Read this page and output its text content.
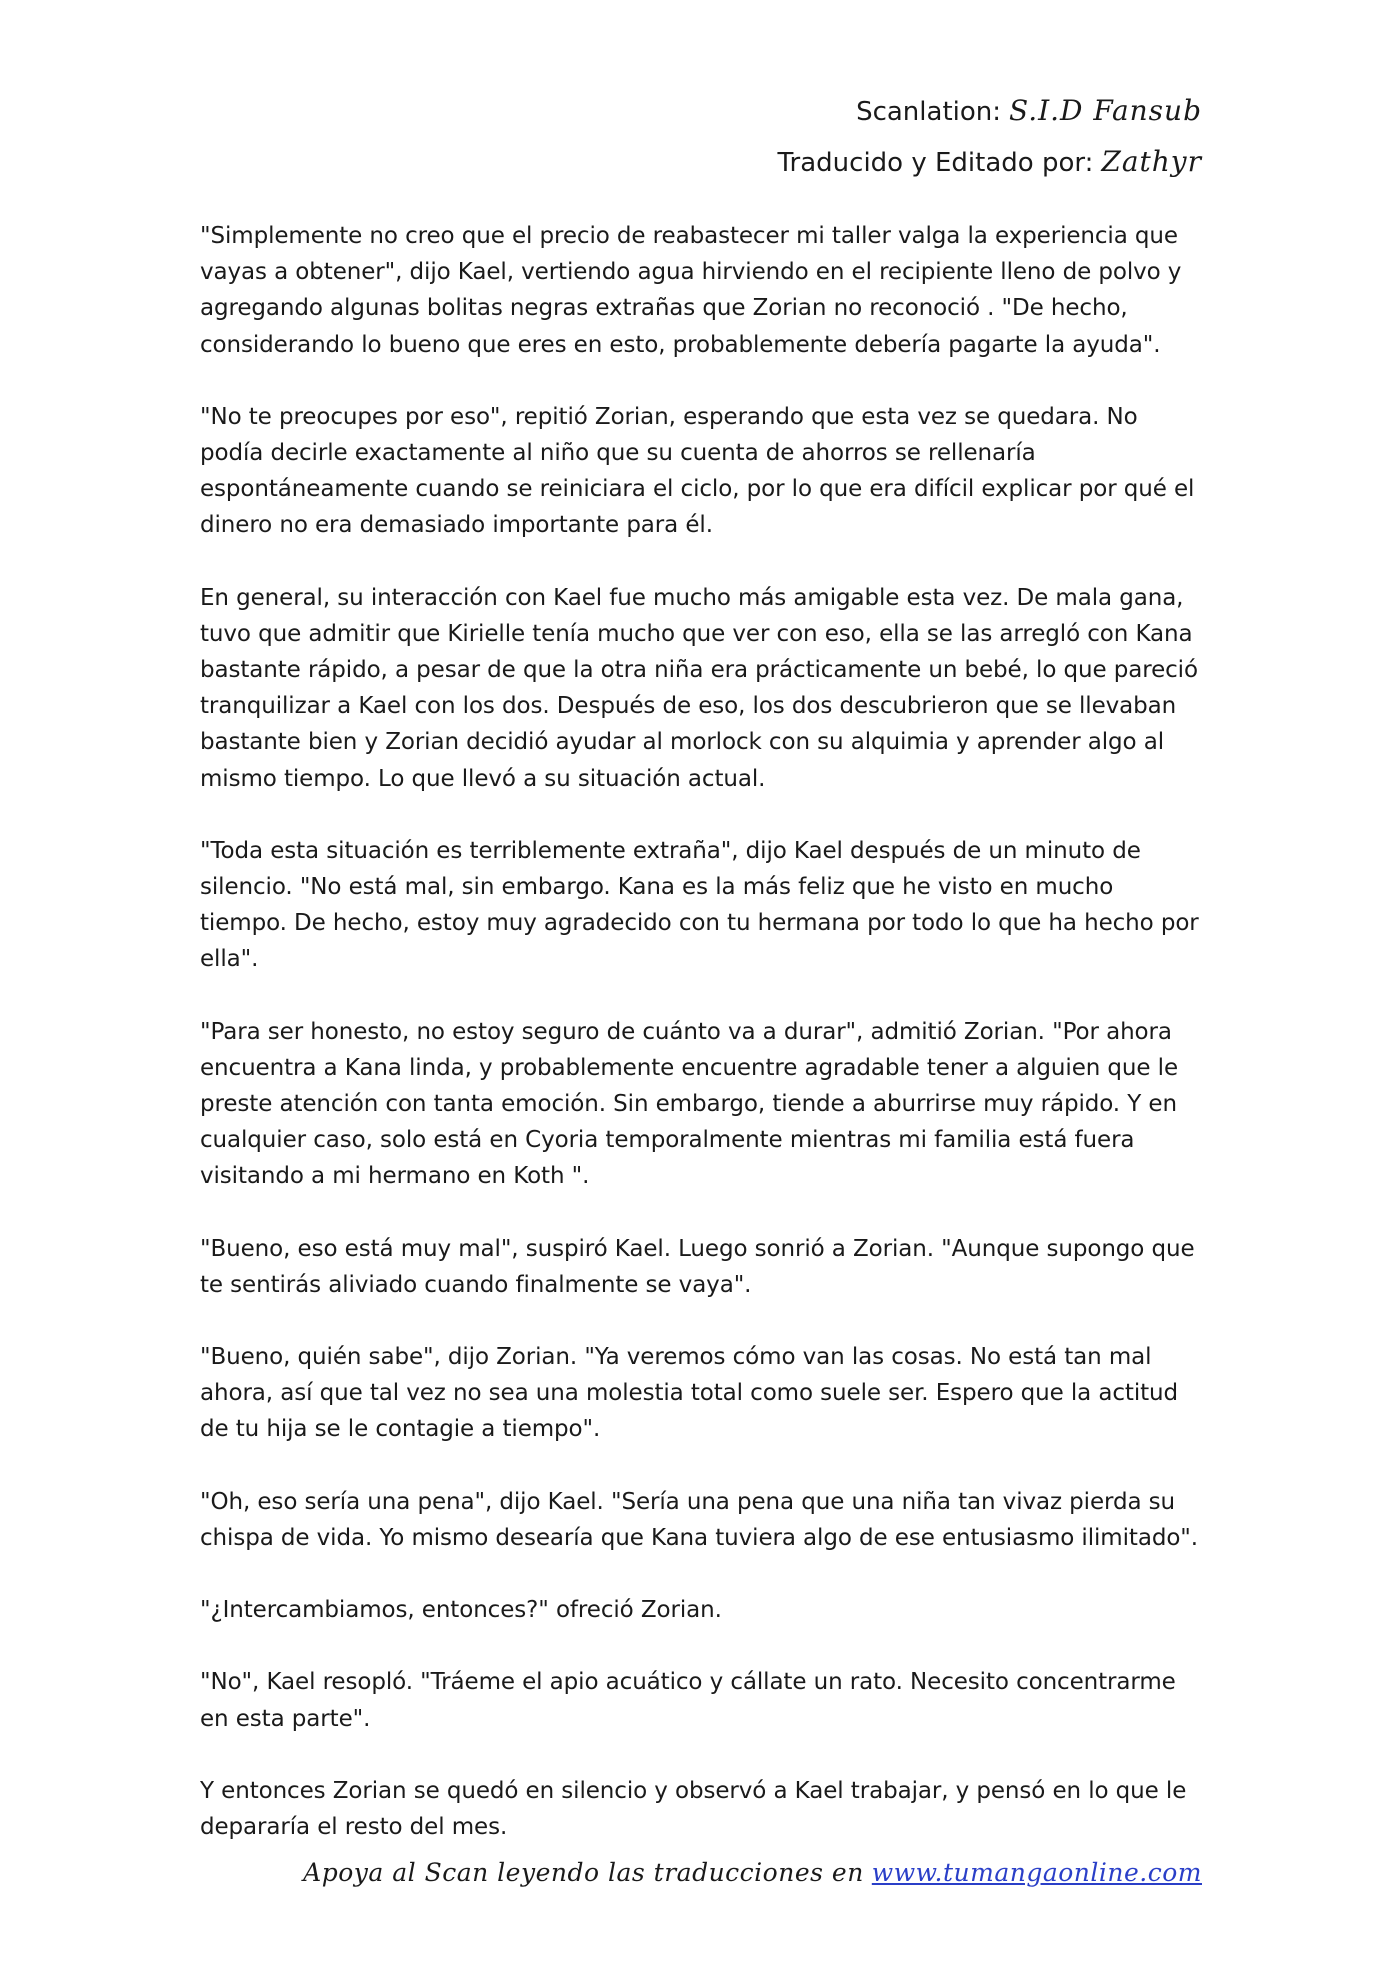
Scanlation: S.I.D Fansub
Traducido y Editado por: Zathyr

"Simplemente no creo que el precio de reabastecer mi taller valga la experiencia que vayas a obtener", dijo Kael, vertiendo agua hirviendo en el recipiente lleno de polvo y agregando algunas bolitas negras extrañas que Zorian no reconoció . "De hecho, considerando lo bueno que eres en esto, probablemente debería pagarte la ayuda".

"No te preocupes por eso", repitió Zorian, esperando que esta vez se quedara. No podía decirle exactamente al niño que su cuenta de ahorros se rellenaría espontáneamente cuando se reiniciara el ciclo, por lo que era difícil explicar por qué el dinero no era demasiado importante para él.

En general, su interacción con Kael fue mucho más amigable esta vez. De mala gana, tuvo que admitir que Kirielle tenía mucho que ver con eso, ella se las arregló con Kana bastante rápido, a pesar de que la otra niña era prácticamente un bebé, lo que pareció tranquilizar a Kael con los dos. Después de eso, los dos descubrieron que se llevaban bastante bien y Zorian decidió ayudar al morlock con su alquimia y aprender algo al mismo tiempo. Lo que llevó a su situación actual.

"Toda esta situación es terriblemente extraña", dijo Kael después de un minuto de silencio. "No está mal, sin embargo. Kana es la más feliz que he visto en mucho tiempo. De hecho, estoy muy agradecido con tu hermana por todo lo que ha hecho por ella".

"Para ser honesto, no estoy seguro de cuánto va a durar", admitió Zorian. "Por ahora encuentra a Kana linda, y probablemente encuentre agradable tener a alguien que le preste atención con tanta emoción. Sin embargo, tiende a aburrirse muy rápido. Y en cualquier caso, solo está en Cyoria temporalmente mientras mi familia está fuera visitando a mi hermano en Koth ".

"Bueno, eso está muy mal", suspiró Kael. Luego sonrió a Zorian. "Aunque supongo que te sentirás aliviado cuando finalmente se vaya".

"Bueno, quién sabe", dijo Zorian. "Ya veremos cómo van las cosas. No está tan mal ahora, así que tal vez no sea una molestia total como suele ser. Espero que la actitud de tu hija se le contagie a tiempo".

"Oh, eso sería una pena", dijo Kael. "Sería una pena que una niña tan vivaz pierda su chispa de vida. Yo mismo desearía que Kana tuviera algo de ese entusiasmo ilimitado".

"¿Intercambiamos, entonces?" ofreció Zorian.

"No", Kael resopló. "Tráeme el apio acuático y cállate un rato. Necesito concentrarme en esta parte".

Y entonces Zorian se quedó en silencio y observó a Kael trabajar, y pensó en lo que le depararía el resto del mes.

Apoya al Scan leyendo las traducciones en www.tumangaonline.com
